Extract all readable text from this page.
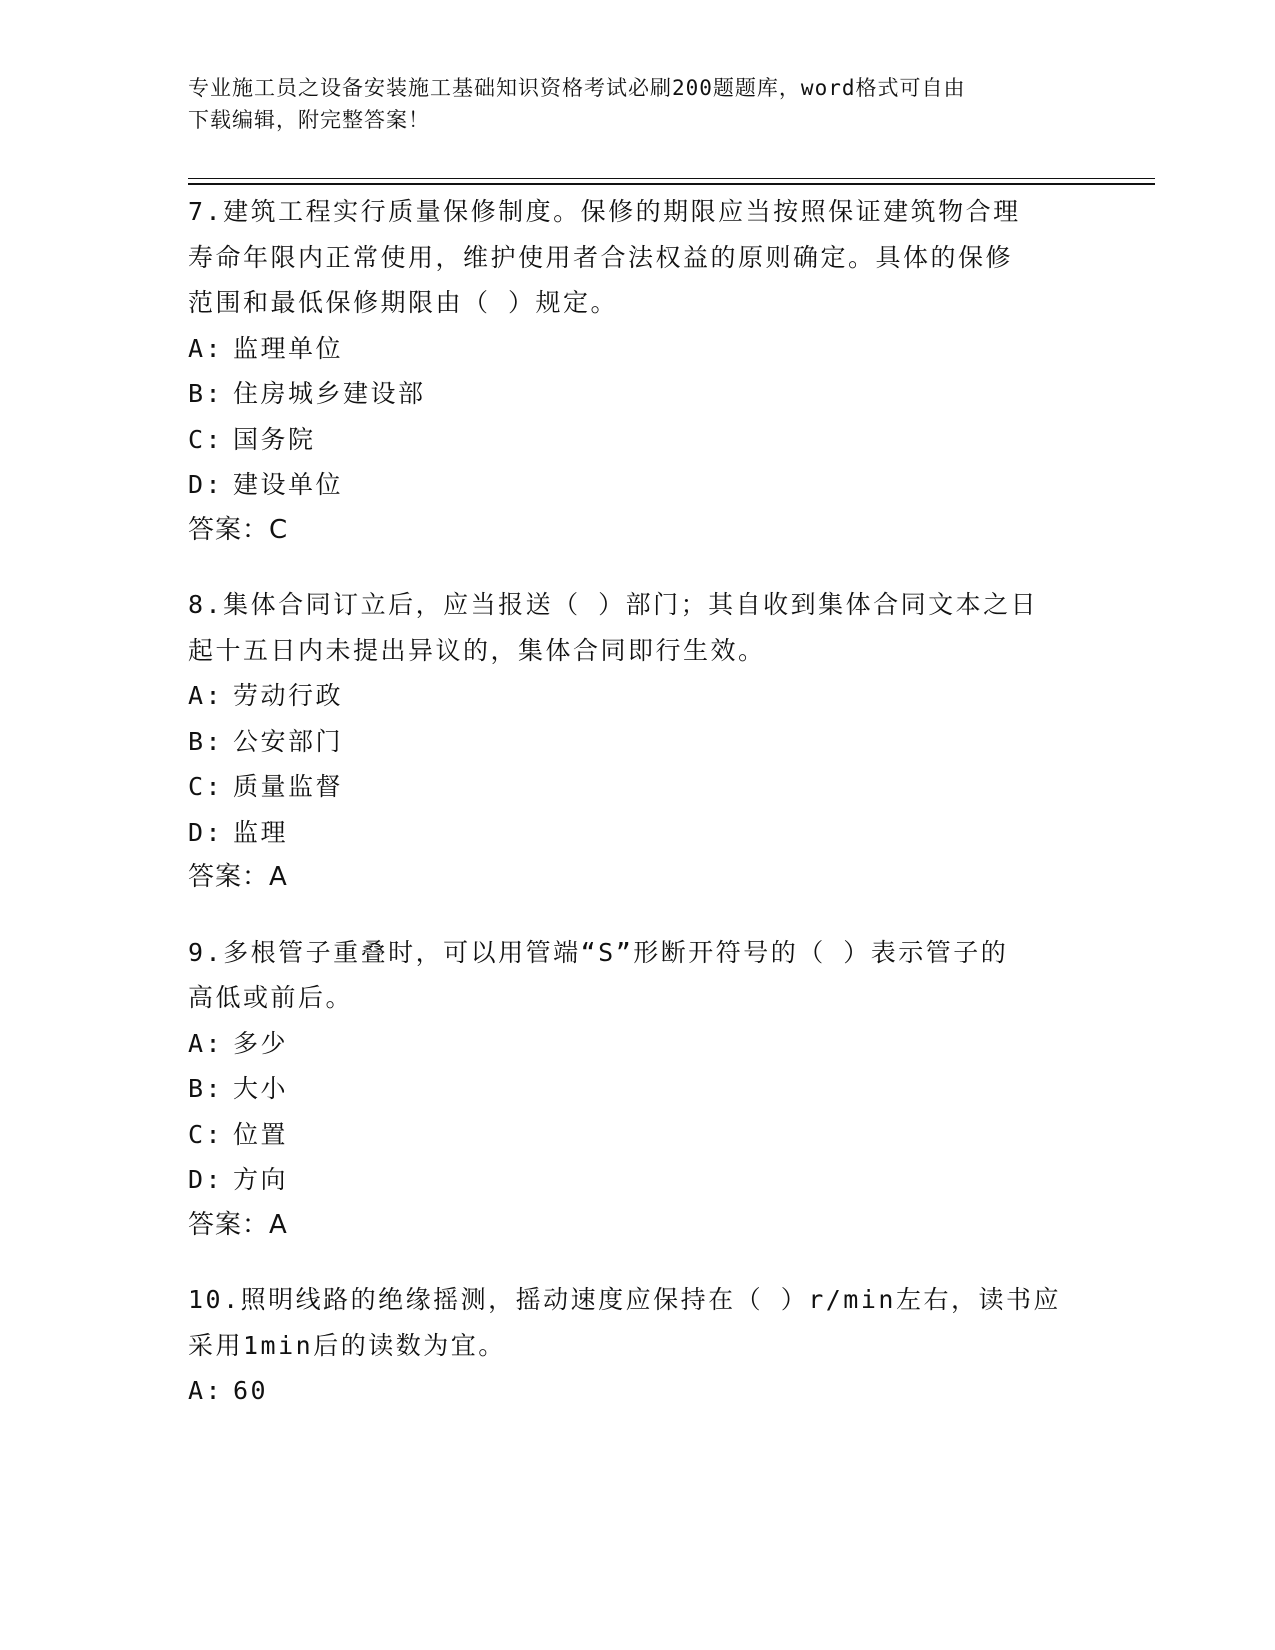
专业施工员之设备安装施工基础知识资格考试必刷200题题库，word格式可自由
下载编辑，附完整答案！
7.建筑工程实行质量保修制度。保修的期限应当按照保证建筑物合理
寿命年限内正常使用，维护使用者合法权益的原则确定。具体的保修
范围和最低保修期限由（ ）规定。
A: 监理单位
B: 住房城乡建设部
C: 国务院
D: 建设单位
答案：C
8.集体合同订立后，应当报送（ ）部门；其自收到集体合同文本之日
起十五日内未提出异议的，集体合同即行生效。
A: 劳动行政
B: 公安部门
C: 质量监督
D: 监理
答案：A
9.多根管子重叠时，可以用管端“S”形断开符号的（ ）表示管子的
高低或前后。
A: 多少
B: 大小
C: 位置
D: 方向
答案：A
10.照明线路的绝缘摇测，摇动速度应保持在（ ）r/min左右，读书应
采用1min后的读数为宜。
A: 60
